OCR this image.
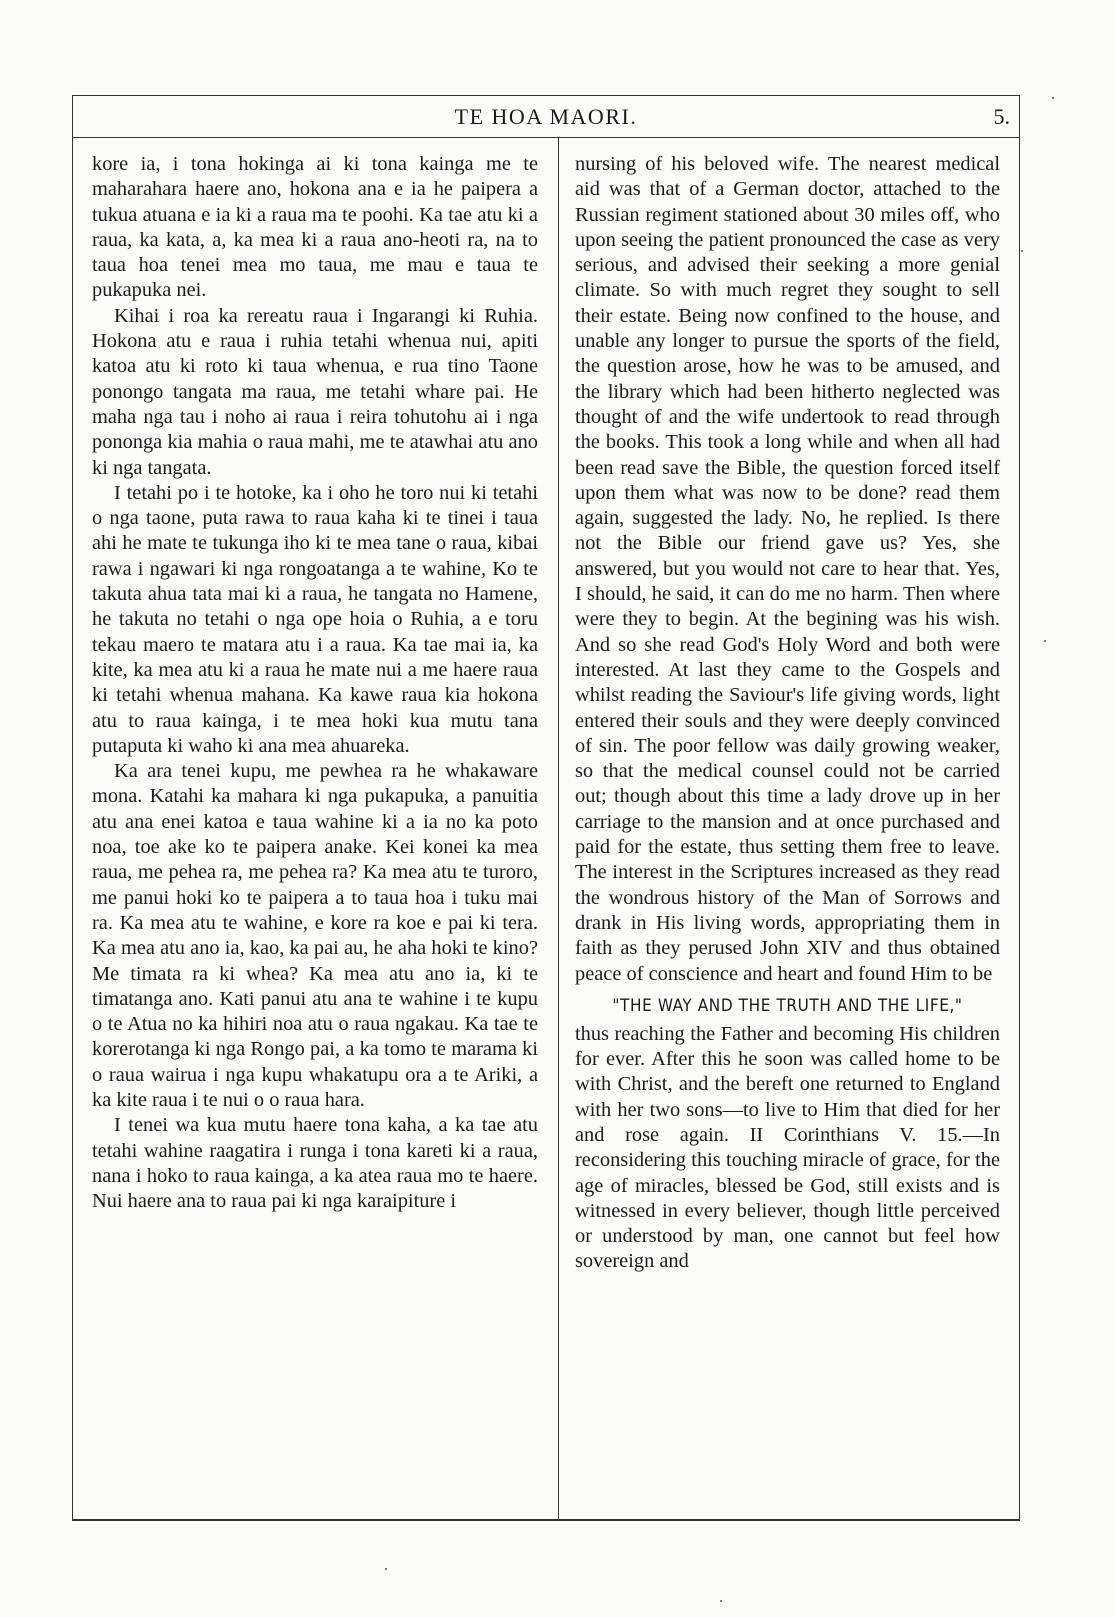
TE HOA MAORI.	5.

kore ia, i tona hokinga ai ki tona kainga me te maharahara haere ano, hokona ana e ia he paipera a tukua atuana e ia ki a raua ma te poohi. Ka tae atu ki a raua, ka kata, a, ka mea ki a raua ano-heoti ra, na to taua hoa tenei mea mo taua, me mau e taua te pukapuka nei.

Kihai i roa ka rereatu raua i Ingarangi ki Ruhia. Hokona atu e raua i ruhia tetahi whenua nui, apiti katoa atu ki roto ki taua whenua, e rua tino Taone ponongo tangata ma raua, me tetahi whare pai. He maha nga tau i noho ai raua i reira tohutohu ai i nga pononga kia mahia o raua mahi, me te atawhai atu ano ki nga tangata.

I tetahi po i te hotoke, ka i oho he toro nui ki tetahi o nga taone, puta rawa to raua kaha ki te tinei i taua ahi he mate te tukunga iho ki te mea tane o raua, kibai rawa i ngawari ki nga rongoatanga a te wahine, Ko te takuta ahua tata mai ki a raua, he tangata no Hamene, he takuta no tetahi o nga ope hoia o Ruhia, a e toru tekau maero te matara atu i a raua. Ka tae mai ia, ka kite, ka mea atu ki a raua he mate nui a me haere raua ki tetahi whenua mahana. Ka kawe raua kia hokona atu to raua kainga, i te mea hoki kua mutu tana putaputa ki waho ki ana mea ahuareka.

Ka ara tenei kupu, me pewhea ra he whakaware mona. Katahi ka mahara ki nga pukapuka, a panuitia atu ana enei katoa e taua wahine ki a ia no ka poto noa, toe ake ko te paipera anake. Kei konei ka mea raua, me pehea ra, me pehea ra? Ka mea atu te turoro, me panui hoki ko te paipera a to taua hoa i tuku mai ra. Ka mea atu te wahine, e kore ra koe e pai ki tera. Ka mea atu ano ia, kao, ka pai au, he aha hoki te kino? Me timata ra ki whea? Ka mea atu ano ia, ki te timatanga ano. Kati panui atu ana te wahine i te kupu o te Atua no ka hihiri noa atu o raua ngakau. Ka tae te korerotanga ki nga Rongo pai, a ka tomo te marama ki o raua wairua i nga kupu whakatupu ora a te Ariki, a ka kite raua i te nui o o raua hara.

I tenei wa kua mutu haere tona kaha, a ka tae atu tetahi wahine raagatira i runga i tona kareti ki a raua, nana i hoko to raua kainga, a ka atea raua mo te haere. Nui haere ana to raua pai ki nga karaipiture i

nursing of his beloved wife. The nearest medical aid was that of a German doctor, attached to the Russian regiment stationed about 30 miles off, who upon seeing the patient pronounced the case as very serious, and advised their seeking a more genial climate. So with much regret they sought to sell their estate. Being now confined to the house, and unable any longer to pursue the sports of the field, the question arose, how he was to be amused, and the library which had been hitherto neglected was thought of and the wife undertook to read through the books. This took a long while and when all had been read save the Bible, the question forced itself upon them what was now to be done? read them again, suggested the lady. No, he replied. Is there not the Bible our friend gave us? Yes, she answered, but you would not care to hear that. Yes, I should, he said, it can do me no harm. Then where were they to begin. At the begining was his wish. And so she read God's Holy Word and both were interested. At last they came to the Gospels and whilst reading the Saviour's life giving words, light entered their souls and they were deeply convinced of sin. The poor fellow was daily growing weaker, so that the medical counsel could not be carried out; though about this time a lady drove up in her carriage to the mansion and at once purchased and paid for the estate, thus setting them free to leave. The interest in the Scriptures increased as they read the wondrous history of the Man of Sorrows and drank in His living words, appropriating them in faith as they perused John XIV and thus obtained peace of conscience and heart and found Him to be

"THE WAY AND THE TRUTH AND THE LIFE,"

thus reaching the Father and becoming His children for ever. After this he soon was called home to be with Christ, and the bereft one returned to England with her two sons—to live to Him that died for her and rose again. II Corinthians V. 15.—In reconsidering this touching miracle of grace, for the age of miracles, blessed be God, still exists and is witnessed in every believer, though little perceived or understood by man, one cannot but feel how sovereign and
